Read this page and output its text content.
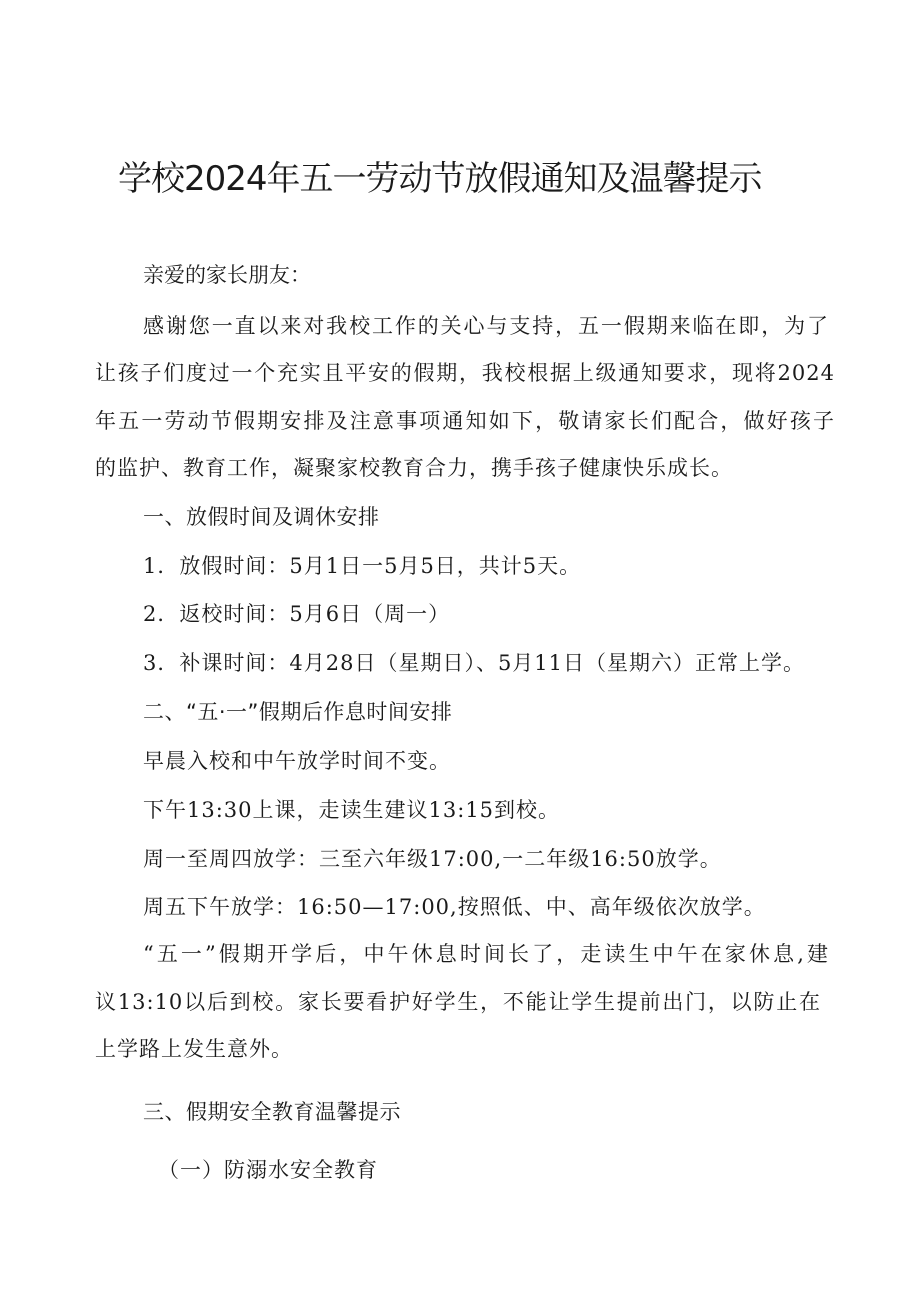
学校2024年五一劳动节放假通知及温馨提示
亲爱的家长朋友：
感谢您一直以来对我校工作的关心与支持，五一假期来临在即，为了
让孩子们度过一个充实且平安的假期，我校根据上级通知要求，现将2024
年五一劳动节假期安排及注意事项通知如下，敬请家长们配合，做好孩子
的监护、教育工作，凝聚家校教育合力，携手孩子健康快乐成长。
一、放假时间及调休安排
1．放假时间：5月1日一5月5日，共计5天。
2．返校时间：5月6日（周一）
3．补课时间：4月28日（星期日）、5月11日（星期六）正常上学。
二、“五·一”假期后作息时间安排
早晨入校和中午放学时间不变。
下午13:30上课，走读生建议13:15到校。
周一至周四放学：三至六年级17:00,一二年级16:50放学。
周五下午放学：16:50—17:00,按照低、中、高年级依次放学。
“五一”假期开学后，中午休息时间长了，走读生中午在家休息,建
议13:10以后到校。家长要看护好学生，不能让学生提前出门，以防止在
上学路上发生意外。
三、假期安全教育温馨提示
（一）防溺水安全教育
